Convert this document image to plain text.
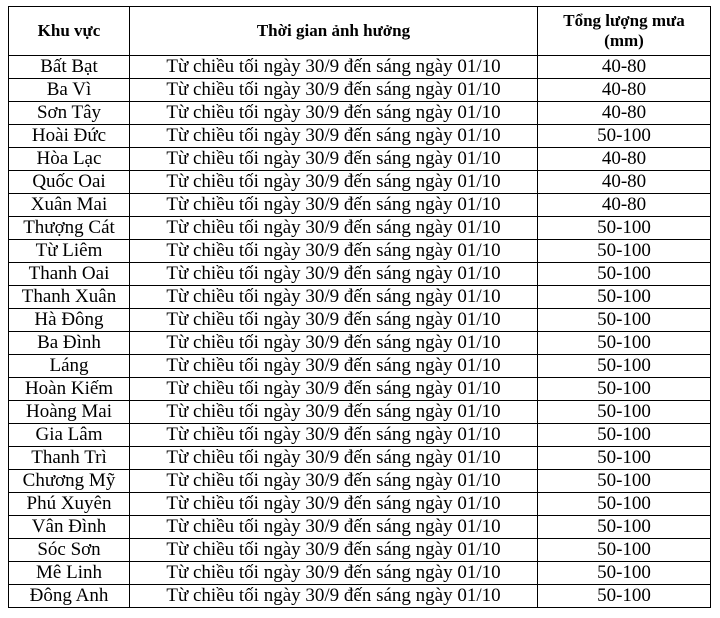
Khu vực	Thời gian ảnh hưởng	Tổng lượng mưa
(mm)

Bất Bạt	Từ chiều tối ngày 30/9 đến sáng ngày 01/10	40-80
Ba Vì	Từ chiều tối ngày 30/9 đến sáng ngày 01/10	40-80
Sơn Tây	Từ chiều tối ngày 30/9 đến sáng ngày 01/10	40-80
Hoài Đức	Từ chiều tối ngày 30/9 đến sáng ngày 01/10	50-100
Hòa Lạc	Từ chiều tối ngày 30/9 đến sáng ngày 01/10	40-80
Quốc Oai	Từ chiều tối ngày 30/9 đến sáng ngày 01/10	40-80
Xuân Mai	Từ chiều tối ngày 30/9 đến sáng ngày 01/10	40-80
Thượng Cát	Từ chiều tối ngày 30/9 đến sáng ngày 01/10	50-100
Từ Liêm	Từ chiều tối ngày 30/9 đến sáng ngày 01/10	50-100
Thanh Oai	Từ chiều tối ngày 30/9 đến sáng ngày 01/10	50-100
Thanh Xuân	Từ chiều tối ngày 30/9 đến sáng ngày 01/10	50-100
Hà Đông	Từ chiều tối ngày 30/9 đến sáng ngày 01/10	50-100
Ba Đình	Từ chiều tối ngày 30/9 đến sáng ngày 01/10	50-100
Láng	Từ chiều tối ngày 30/9 đến sáng ngày 01/10	50-100
Hoàn Kiếm	Từ chiều tối ngày 30/9 đến sáng ngày 01/10	50-100
Hoàng Mai	Từ chiều tối ngày 30/9 đến sáng ngày 01/10	50-100
Gia Lâm	Từ chiều tối ngày 30/9 đến sáng ngày 01/10	50-100
Thanh Trì	Từ chiều tối ngày 30/9 đến sáng ngày 01/10	50-100
Chương Mỹ	Từ chiều tối ngày 30/9 đến sáng ngày 01/10	50-100
Phú Xuyên	Từ chiều tối ngày 30/9 đến sáng ngày 01/10	50-100
Vân Đình	Từ chiều tối ngày 30/9 đến sáng ngày 01/10	50-100
Sóc Sơn	Từ chiều tối ngày 30/9 đến sáng ngày 01/10	50-100
Mê Linh	Từ chiều tối ngày 30/9 đến sáng ngày 01/10	50-100
Đông Anh	Từ chiều tối ngày 30/9 đến sáng ngày 01/10	50-100
